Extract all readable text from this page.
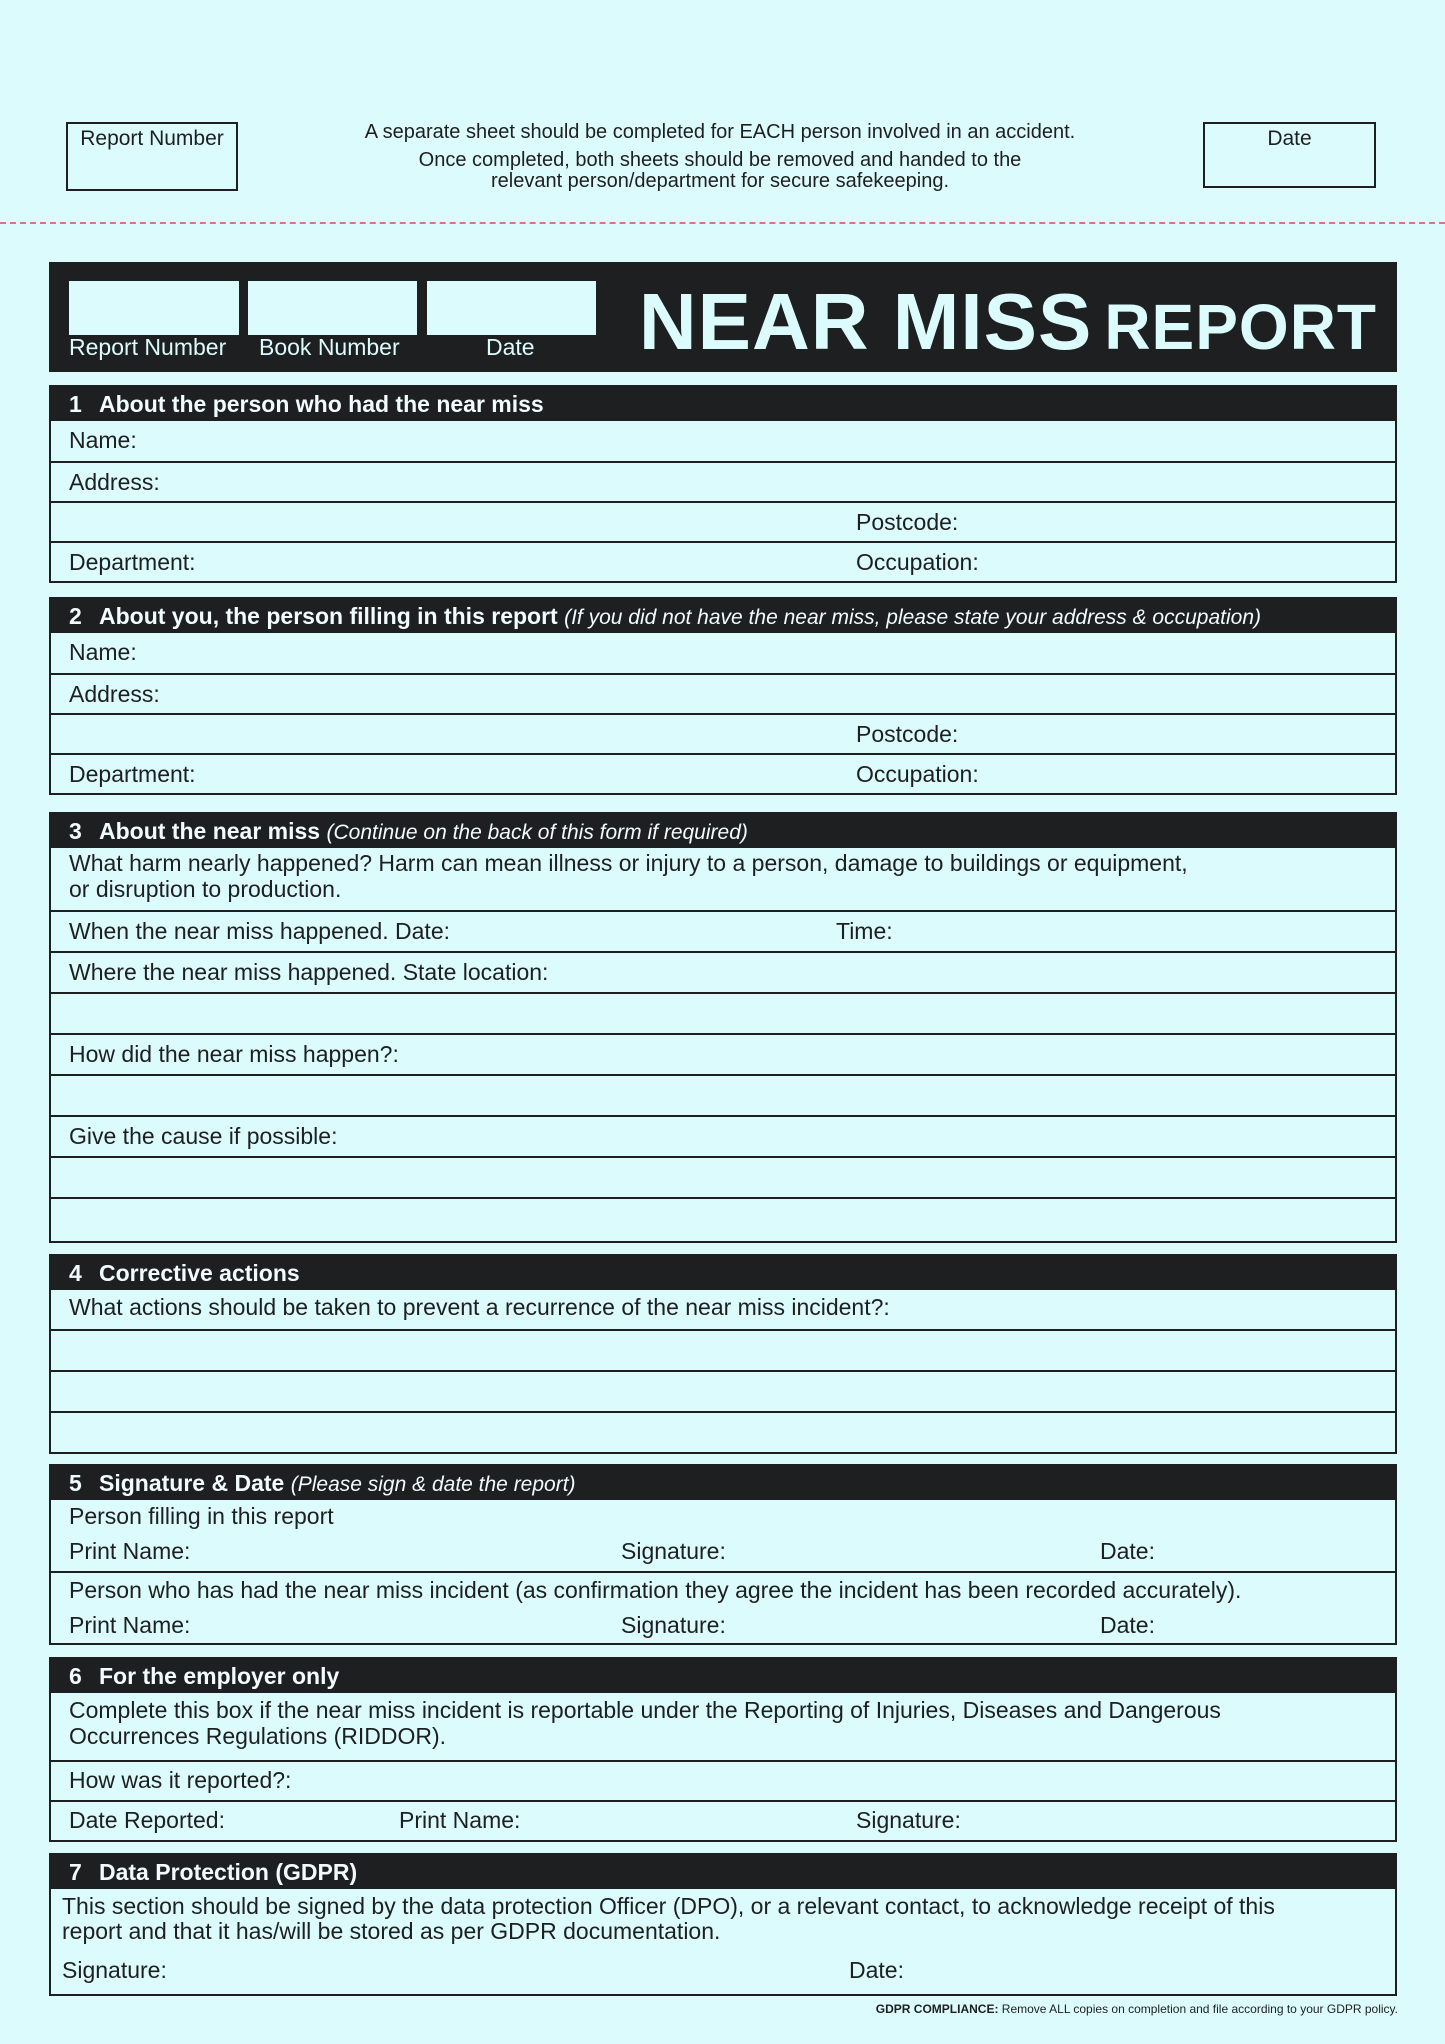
Report Number	A separate sheet should be completed for EACH person involved in an accident.
Once completed, both sheets should be removed and handed to the
relevant person/department for secure safekeeping.
Date
Report Number Book Number	Date NEAR MISS REPORT
1 About the person who had the near miss
Name:
Address:
Postcode:
Department:	Occupation:
2 About you, the person filling in this report (If you did not have the near miss, please state your address & occupation)
Name:
Address:
Postcode:
Department:	Occupation:
3 About the near miss (Continue on the back of this form if required)
What harm nearly happened? Harm can mean illness or injury to a person, damage to buildings or equipment,
or disruption to production.
When the near miss happened. Date:	Time:
Where the near miss happened. State location:
How did the near miss happen?:
Give the cause if possible:
4 Corrective actions
What actions should be taken to prevent a recurrence of the near miss incident?:
5 Signature & Date (Please sign & date the report)
Person filling in this report
Print Name:	Signature:	Date:
Person who has had the near miss incident (as confirmation they agree the incident has been recorded accurately).
Print Name:	Signature:	Date:
6 For the employer only
Complete this box if the near miss incident is reportable under the Reporting of Injuries, Diseases and Dangerous
Occurrences Regulations (RIDDOR).
How was it reported?:
Date Reported:	Print Name:	Signature:
7 Data Protection (GDPR)
This section should be signed by the data protection Officer (DPO), or a relevant contact, to acknowledge receipt of this
report and that it has/will be stored as per GDPR documentation.
Signature:	Date:
GDPR COMPLIANCE: Remove ALL copies on completion and file according to your GDPR policy.
